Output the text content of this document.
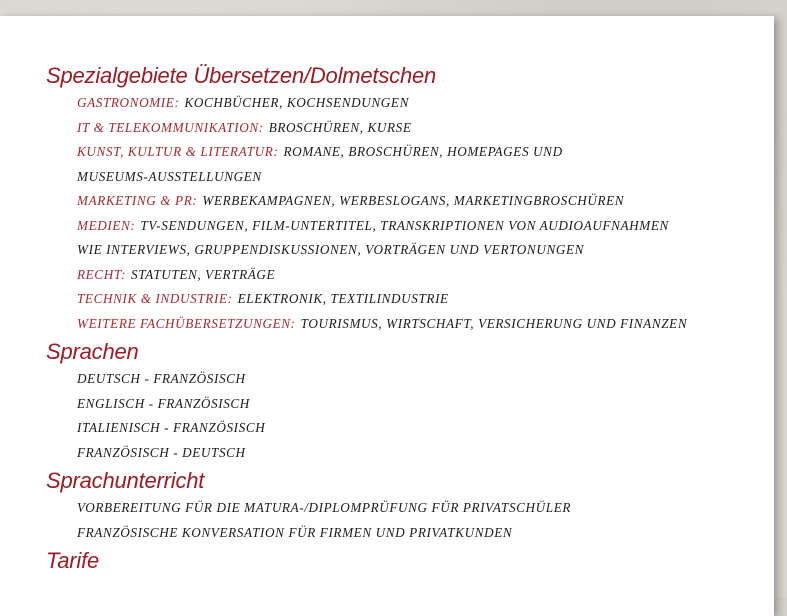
Spezialgebiete Übersetzen/Dolmetschen
GASTRONOMIE: KOCHBÜCHER, KOCHSENDUNGEN
IT & TELEKOMMUNIKATION: BROSCHÜREN, KURSE
KUNST, KULTUR & LITERATUR: ROMANE, BROSCHÜREN, HOMEPAGES UND
MUSEUMS-AUSSTELLUNGEN
MARKETING & PR: WERBEKAMPAGNEN, WERBESLOGANS, MARKETINGBROSCHÜREN
MEDIEN: TV-SENDUNGEN, FILM-UNTERTITEL, TRANSKRIPTIONEN VON AUDIOAUFNAHMEN
WIE INTERVIEWS, GRUPPENDISKUSSIONEN, VORTRÄGEN UND VERTONUNGEN
RECHT: STATUTEN, VERTRÄGE
TECHNIK & INDUSTRIE: ELEKTRONIK, TEXTILINDUSTRIE
WEITERE FACHÜBERSETZUNGEN: TOURISMUS, WIRTSCHAFT, VERSICHERUNG UND FINANZEN
Sprachen
DEUTSCH - FRANZÖSISCH
ENGLISCH - FRANZÖSISCH
ITALIENISCH - FRANZÖSISCH
FRANZÖSISCH - DEUTSCH
Sprachunterricht
VORBEREITUNG FÜR DIE MATURA-/DIPLOMPRÜFUNG FÜR PRIVATSCHÜLER
FRANZÖSISCHE KONVERSATION FÜR FIRMEN UND PRIVATKUNDEN
Tarife
